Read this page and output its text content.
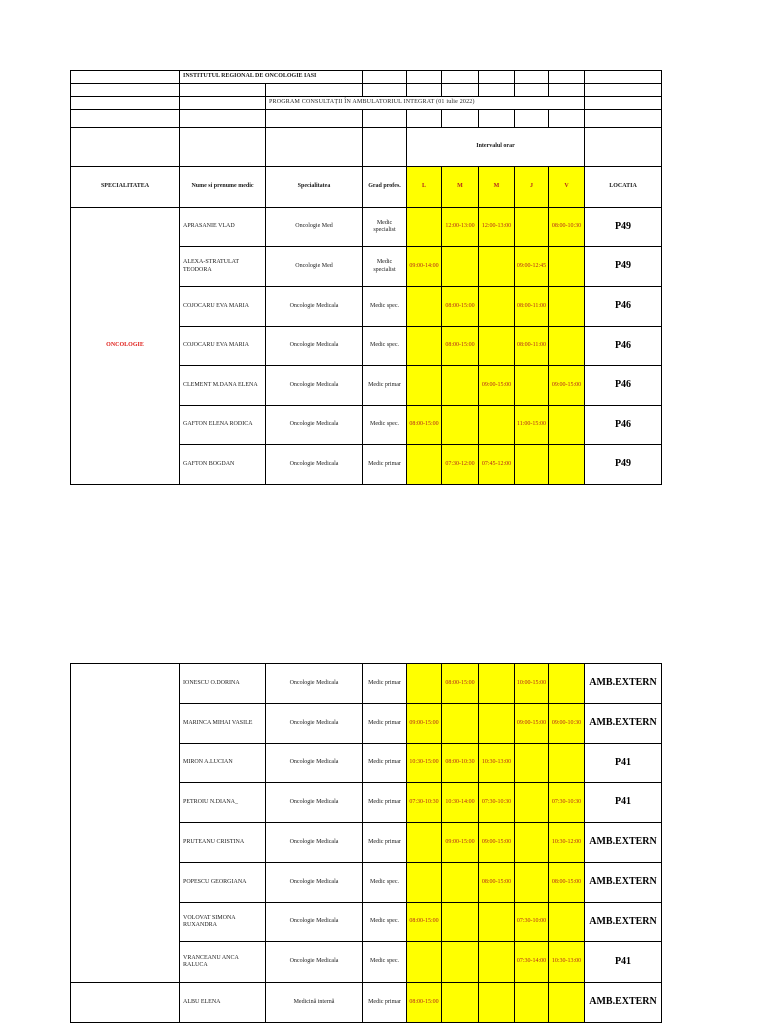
	INSTITUTUL REGIONAL DE ONCOLOGIE IASI								

		PROGRAM CONSULTAȚII ÎN AMBULATORIUL INTEGRAT (01 iulie 2022)							

				Intervalul orar					
SPECIALITATEA	Nume si prenume medic	Specialitatea	Grad profes.	L	M	M	J	V	LOCATIA
ONCOLOGIE	APRASANIE VLAD	Oncologie Med	Medic specialist		12:00-13:00	12:00-13:00		08:00-10:30	P49
	ALEXA-STRATULAT TEODORA	Oncologie Med	Medic specialist	09:00-14:00			09:00-12:45		P49
	COJOCARU EVA MARIA	Oncologie Medicala	Medic spec.		08:00-15:00		08:00-11:00		P46
	COJOCARU EVA MARIA	Oncologie Medicala	Medic spec.		08:00-15:00		08:00-11:00		P46
	CLEMENT M.DANA ELENA	Oncologie Medicala	Medic primar			09:00-15:00		09:00-15:00	P46
	GAFTON ELENA RODICA	Oncologie Medicala	Medic spec.	08:00-15:00			11:00-15:00		P46
	GAFTON BOGDAN	Oncologie Medicala	Medic primar		07:30-12:00	07:45-12:00			P49
	IONESCU O.DORINA	Oncologie Medicala	Medic primar		08:00-15:00		10:00-15:00		AMB.EXTERN
	MARINCA MIHAI VASILE	Oncologie Medicala	Medic primar	09:00-15:00			09:00-15:00	09:00-10:30	AMB.EXTERN
	MIRON A.LUCIAN	Oncologie Medicala	Medic primar	10:30-15:00	08:00-10:30	10:30-13:00			P41
	PETROIU N.DIANA_	Oncologie Medicala	Medic primar	07:30-10:30	10:30-14:00	07:30-10:30		07:30-10:30	P41
	PRUTEANU CRISTINA	Oncologie Medicala	Medic primar		09:00-15:00	09:00-15:00		10:30-12:00	AMB.EXTERN
	POPESCU GEORGIANA	Oncologie Medicala	Medic spec.			08:00-15:00		08:00-15:00	AMB.EXTERN
	VOLOVAT SIMONA RUXANDRA	Oncologie Medicala	Medic spec.	08:00-15:00			07:30-10:00		AMB.EXTERN
	VRANCEANU ANCA RALUCA	Oncologie Medicala	Medic spec.				07:30-14:00	10:30-13:00	P41
	ALBU ELENA	Medicină internă	Medic primar	08:00-15:00					AMB.EXTERN
